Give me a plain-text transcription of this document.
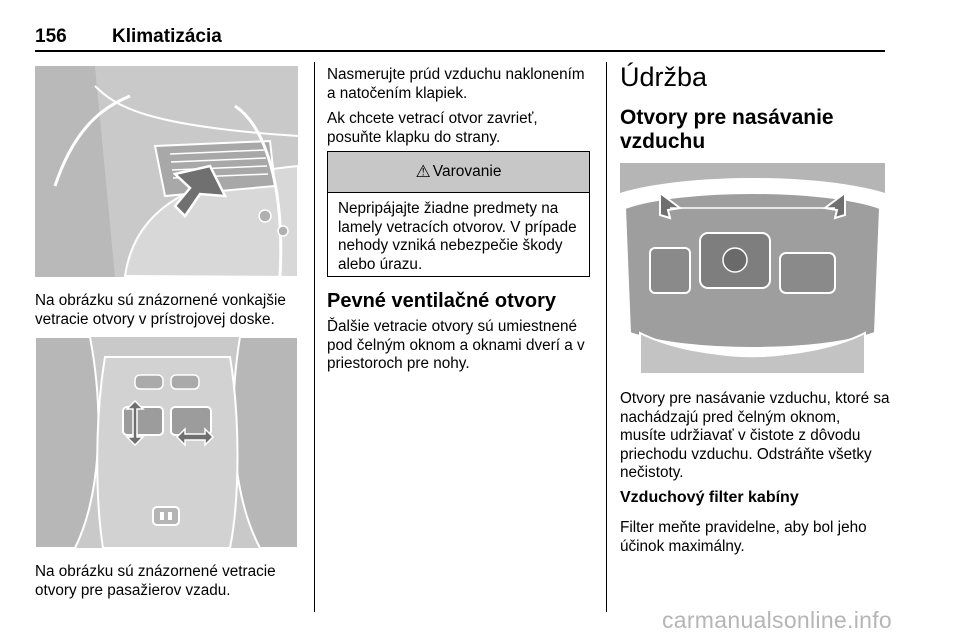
156 Klimatizácia

Na obrázku sú znázornené vonkajšie vetracie otvory v prístrojovej doske.

Na obrázku sú znázornené vetracie otvory pre pasažierov vzadu.

Nasmerujte prúd vzduchu naklonením a natočením klapiek.

Ak chcete vetrací otvor zavrieť, posuňte klapku do strany.

⚠ Varovanie
Nepripájajte žiadne predmety na lamely vetracích otvorov. V prípade nehody vzniká nebezpečie škody alebo úrazu.
Pevné ventilačné otvory

Ďalšie vetracie otvory sú umiestnené pod čelným oknom a oknami dverí a v priestoroch pre nohy.

Údržba
Otvory pre nasávanie vzduchu

Otvory pre nasávanie vzduchu, ktoré sa nachádzajú pred čelným oknom, musíte udržiavať v čistote z dôvodu priechodu vzduchu. Odstráňte všetky nečistoty.

Vzduchový filter kabíny

Filter meňte pravidelne, aby bol jeho účinok maximálny.

carmanualsonline.info
